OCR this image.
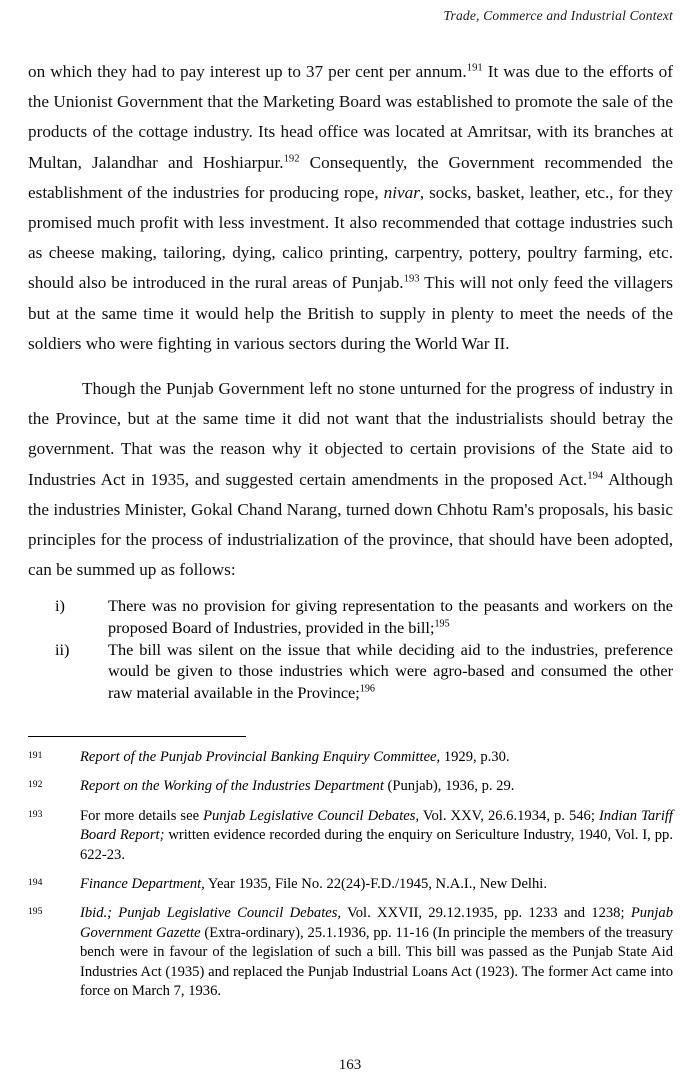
Trade, Commerce and Industrial Context

on which they had to pay interest up to 37 per cent per annum.$^{191}$ It was due to the efforts of the Unionist Government that the Marketing Board was established to promote the sale of the products of the cottage industry. Its head office was located at Amritsar, with its branches at Multan, Jalandhar and Hoshiarpur.$^{192}$ Consequently, the Government recommended the establishment of the industries for producing rope, nivar, socks, basket, leather, etc., for they promised much profit with less investment. It also recommended that cottage industries such as cheese making, tailoring, dying, calico printing, carpentry, pottery, poultry farming, etc. should also be introduced in the rural areas of Punjab.$^{193}$ This will not only feed the villagers but at the same time it would help the British to supply in plenty to meet the needs of the soldiers who were fighting in various sectors during the World War II.

Though the Punjab Government left no stone unturned for the progress of industry in the Province, but at the same time it did not want that the industrialists should betray the government. That was the reason why it objected to certain provisions of the State aid to Industries Act in 1935, and suggested certain amendments in the proposed Act.$^{194}$ Although the industries Minister, Gokal Chand Narang, turned down Chhotu Ram's proposals, his basic principles for the process of industrialization of the province, that should have been adopted, can be summed up as follows:

i)	There was no provision for giving representation to the peasants and workers on the proposed Board of Industries, provided in the bill;$^{195}$
ii)	The bill was silent on the issue that while deciding aid to the industries, preference would be given to those industries which were agro-based and consumed the other raw material available in the Province;$^{196}$
191	Report of the Punjab Provincial Banking Enquiry Committee, 1929, p.30.
192	Report on the Working of the Industries Department (Punjab), 1936, p. 29.
193	For more details see Punjab Legislative Council Debates, Vol. XXV, 26.6.1934, p. 546; Indian Tariff Board Report; written evidence recorded during the enquiry on Sericulture Industry, 1940, Vol. I, pp. 622-23.
194	Finance Department, Year 1935, File No. 22(24)-F.D./1945, N.A.I., New Delhi.
195	Ibid.; Punjab Legislative Council Debates, Vol. XXVII, 29.12.1935, pp. 1233 and 1238; Punjab Government Gazette (Extra-ordinary), 25.1.1936, pp. 11-16 (In principle the members of the treasury bench were in favour of the legislation of such a bill. This bill was passed as the Punjab State Aid Industries Act (1935) and replaced the Punjab Industrial Loans Act (1923). The former Act came into force on March 7, 1936.
163
